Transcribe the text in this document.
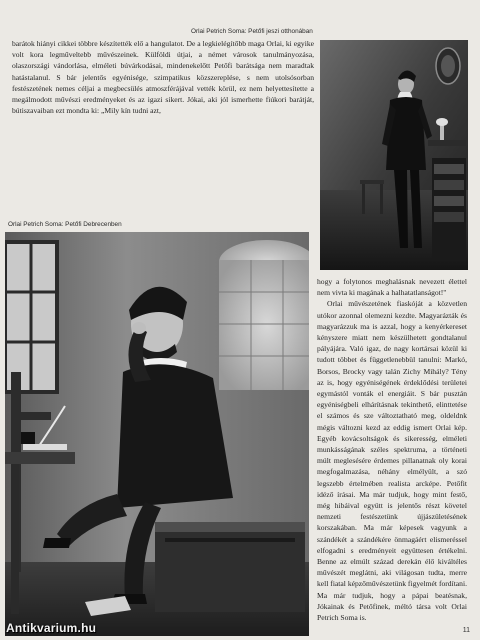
barátok hiányi cikkei többre készítették elő a hangulatot. De a legkielégítőbb maga Orlai, ki egyike volt kora legműveltebb művészeinek. Külföldi útjai, a német városok tanulmányozása, olaszországi vándorlása, elméleti búvárkodásai, mindenekelőtt Petőfi barátsága nem maradtak hatástalanul. S bár jelentős egyénisége, szimpatikus közszereplése, s nem utolsósorban festészetének nemes céljai a megbecsülés atmoszférájával vették körül, ez nem helyettesítette a megálmodott művészi eredményeket és az igazi sikert. Jókai, aki jól ismerhette fiúkori barátját, bútiszavaiban ezt mondta ki: „Mily kín tudni azt,
Orlai Petrich Soma: Petőfi jeszi otthonában
Orlai Petrich Soma: Petőfi Debrecenben

hogy a folytonos meghalásnak nevezett élettel nem vivta ki magának a halhatatlanságot!"

Orlai művészetének fiaskóját a közvetlen utókor azonnal olemezni kezdte. Magyarázták és magyarázzuk ma is azzal, hogy a kenyérkereset kényszere miatt nem készülhetett gondtalanul pályájára. Való igaz, de nagy kortársai közül ki tudott többet és függetlenebbül tanulni: Markó, Borsos, Brocky vagy talán Zichy Mihály? Tény az is, hogy egyéniségének érdeklődési területei egymástól vonták el energiáit. S bár pusztán egyéniségbeli elhárításnak tekinthető, elinttetése el számos és sze változtatható meg, oldeldnk mégis változni kezd az eddig ismert Orlai kép. Egyéb kovácsoltságok és sikeresség, elméleti munkásságának széles spektruma, a történeti múlt meglesésére érdemes pillanatnak oly korai megfogalmazása, néhány elmélyült, a szó legszebb értelmében realista arcképe. Petőfit idéző írásai. Ma már tudjuk, hogy mint festő, még hibáival együtt is jelentős részt követel nemzeti festészetünk újjászületésének korszakában. Ma már képesek vagyunk a szándékét a szándékére önmagáért elismeréssel elfogadni s eredményeit együttesen értékelni. Benne az elmúlt század derekán élő kiváltéles művészét meglátni, aki világosan tudta, merre kell fiatal képzőművészetünk figyelmét fordítani. Ma már tudjuk, hogy a pápai beatésnak, Jókainak és Petőfinek, méltó társa volt Orlai Petrich Soma is.

11
Antikvarium.hu
